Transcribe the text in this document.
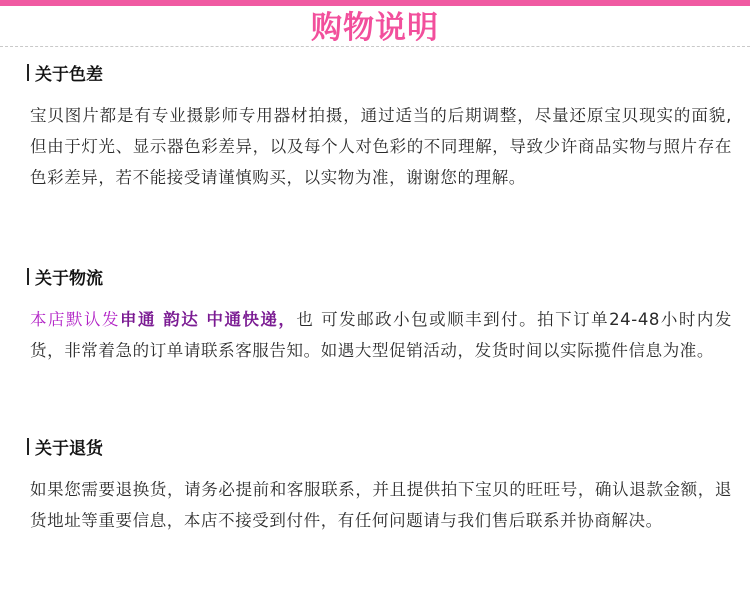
购物说明
关于色差
宝贝图片都是有专业摄影师专用器材拍摄，通过适当的后期调整，尽量还原宝贝现实的面貌,但由于灯光、显示器色彩差异，以及每个人对色彩的不同理解，导致少许商品实物与照片存在色彩差异，若不能接受请谨慎购买，以实物为准，谢谢您的理解。
关于物流
本店默认发申通 韵达 中通快递，也 可发邮政小包或顺丰到付。拍下订单24-48小时内发货，非常着急的订单请联系客服告知。如遇大型促销活动，发货时间以实际揽件信息为准。
关于退货
如果您需要退换货，请务必提前和客服联系，并且提供拍下宝贝的旺旺号，确认退款金额，退货地址等重要信息，本店不接受到付件，有任何问题请与我们售后联系并协商解决。
